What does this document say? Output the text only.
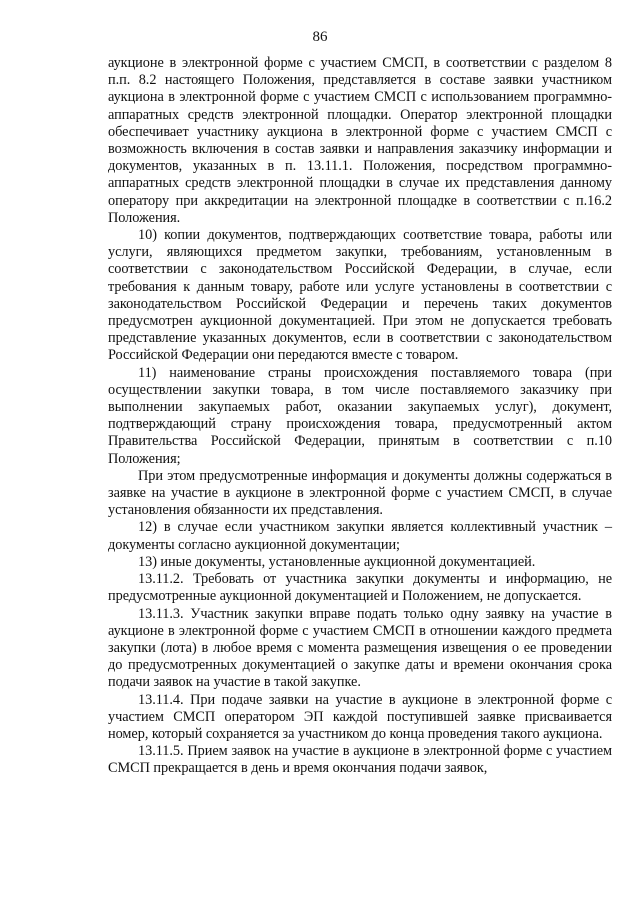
86

аукционе в электронной форме с участием СМСП, в соответствии с разделом 8 п.п. 8.2 настоящего Положения, представляется в составе заявки участником аукциона в электронной форме с участием СМСП с использованием программно-аппаратных средств электронной площадки. Оператор электронной площадки обеспечивает участнику аукциона в электронной форме с участием СМСП с возможность включения в состав заявки и направления заказчику информации и документов, указанных в п. 13.11.1. Положения, посредством программно-аппаратных средств электронной площадки в случае их представления данному оператору при аккредитации на электронной площадке в соответствии с п.16.2 Положения.

10) копии документов, подтверждающих соответствие товара, работы или услуги, являющихся предметом закупки, требованиям, установленным в соответствии с законодательством Российской Федерации, в случае, если требования к данным товару, работе или услуге установлены в соответствии с законодательством Российской Федерации и перечень таких документов предусмотрен аукционной документацией. При этом не допускается требовать представление указанных документов, если в соответствии с законодательством Российской Федерации они передаются вместе с товаром.

11) наименование страны происхождения поставляемого товара (при осуществлении закупки товара, в том числе поставляемого заказчику при выполнении закупаемых работ, оказании закупаемых услуг), документ, подтверждающий страну происхождения товара, предусмотренный актом Правительства Российской Федерации, принятым в соответствии с п.10 Положения;

При этом предусмотренные информация и документы должны содержаться в заявке на участие в аукционе в электронной форме с участием СМСП, в случае установления обязанности их представления.

12) в случае если участником закупки является коллективный участник – документы согласно аукционной документации;

13) иные документы, установленные аукционной документацией.

13.11.2. Требовать от участника закупки документы и информацию, не предусмотренные аукционной документацией и Положением, не допускается.

13.11.3. Участник закупки вправе подать только одну заявку на участие в аукционе в электронной форме с участием СМСП в отношении каждого предмета закупки (лота) в любое время с момента размещения извещения о ее проведении до предусмотренных документацией о закупке даты и времени окончания срока подачи заявок на участие в такой закупке.

13.11.4. При подаче заявки на участие в аукционе в электронной форме с участием СМСП оператором ЭП каждой поступившей заявке присваивается номер, который сохраняется за участником до конца проведения такого аукциона.

13.11.5. Прием заявок на участие в аукционе в электронной форме с участием СМСП прекращается в день и время окончания подачи заявок,
